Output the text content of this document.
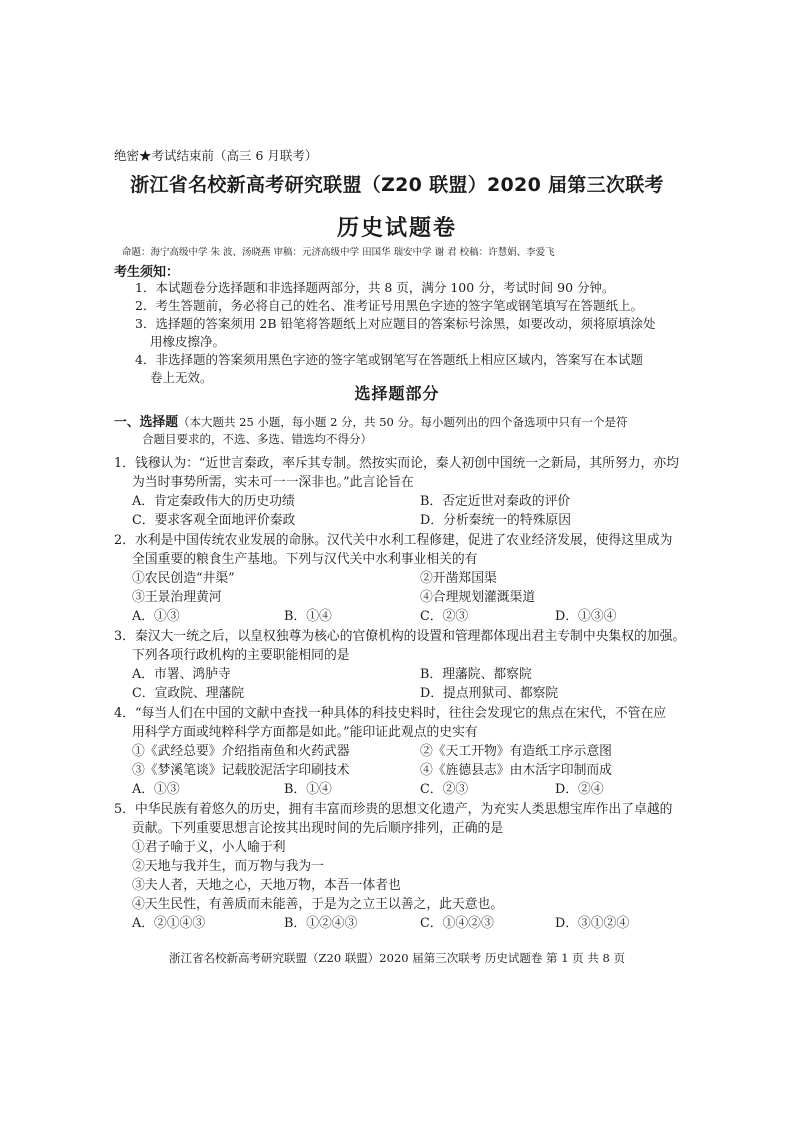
绝密★考试结束前（高三 6 月联考）
浙江省名校新高考研究联盟（Z20 联盟）2020 届第三次联考
历史试题卷
命题：海宁高级中学 朱 波、汤晓燕 审稿：元济高级中学 田国华 瑞安中学 谢 君 校稿：许慧娟、李爱飞
考生须知：
1．本试题卷分选择题和非选择题两部分，共 8 页，满分 100 分，考试时间 90 分钟。
2．考生答题前，务必将自己的姓名、准考证号用黑色字迹的签字笔或钢笔填写在答题纸上。
3．选择题的答案须用 2B 铅笔将答题纸上对应题目的答案标号涂黑，如要改动，须将原填涂处
用橡皮擦净。
4．非选择题的答案须用黑色字迹的签字笔或钢笔写在答题纸上相应区域内，答案写在本试题
卷上无效。
选择题部分
一、选择题（本大题共 25 小题，每小题 2 分，共 50 分。每小题列出的四个备选项中只有一个是符
合题目要求的，不选、多选、错选均不得分）
1．钱穆认为：“近世言秦政，率斥其专制。然按实而论，秦人初创中国统一之新局，其所努力，亦均
为当时事势所需，实未可一一深非也。”此言论旨在
A．肯定秦政伟大的历史功绩	B．否定近世对秦政的评价
C．要求客观全面地评价秦政	D．分析秦统一的特殊原因
2．水利是中国传统农业发展的命脉。汉代关中水利工程修建，促进了农业经济发展，使得这里成为
全国重要的粮食生产基地。下列与汉代关中水利事业相关的有
①农民创造“井渠”	②开凿郑国渠
③王景治理黄河	④合理规划灌溉渠道
A．①③	B．①④	C．②③	D．①③④
3．秦汉大一统之后，以皇权独尊为核心的官僚机构的设置和管理都体现出君主专制中央集权的加强。
下列各项行政机构的主要职能相同的是
A．市署、鸿胪寺	B．理藩院、都察院
C．宣政院、理藩院	D．提点刑狱司、都察院
4．“每当人们在中国的文献中查找一种具体的科技史料时，往往会发现它的焦点在宋代，不管在应
用科学方面或纯粹科学方面都是如此。”能印证此观点的史实有
①《武经总要》介绍指南鱼和火药武器	②《天工开物》有造纸工序示意图
③《梦溪笔谈》记载胶泥活字印刷技术	④《旌德县志》由木活字印制而成
A．①③	B．①④	C．②③	D．②④
5．中华民族有着悠久的历史，拥有丰富而珍贵的思想文化遗产，为充实人类思想宝库作出了卓越的
贡献。下列重要思想言论按其出现时间的先后顺序排列，正确的是
①君子喻于义，小人喻于利
②天地与我并生，而万物与我为一
③夫人者，天地之心，天地万物，本吾一体者也
④天生民性，有善质而未能善，于是为之立王以善之，此天意也。
A．②①④③	B．①②④③	C．①④②③	D．③①②④
浙江省名校新高考研究联盟（Z20 联盟）2020 届第三次联考 历史试题卷 第 1 页 共 8 页
